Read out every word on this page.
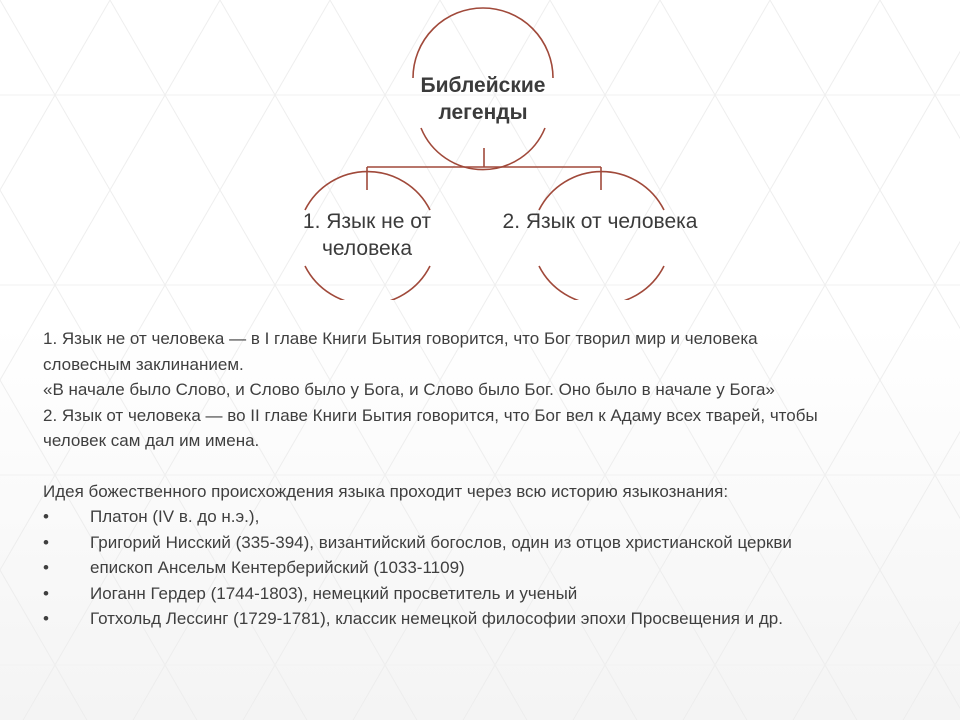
Библейские легенды
1. Язык не от человека
2. Язык от человека

1. Язык не от человека — в I главе Книги Бытия говорится, что Бог творил мир и человека

словесным заклинанием.

«В начале было Слово, и Слово было у Бога, и Слово было Бог. Оно было в начале у Бога»

2. Язык от человека — во II главе Книги Бытия говорится, что Бог вел к Адаму всех тварей, чтобы

человек сам дал им имена.

Идея божественного происхождения языка проходит через всю историю языкознания:

•	Платон (IV в. до н.э.),
•	Григорий Нисский (335-394), византийский богослов, один из отцов христианской церкви
•	епископ Ансельм Кентерберийский (1033-1109)
•	Иоганн Гердер (1744-1803), немецкий просветитель и ученый
•	Готхольд Лессинг (1729-1781), классик немецкой философии эпохи Просвещения и др.
